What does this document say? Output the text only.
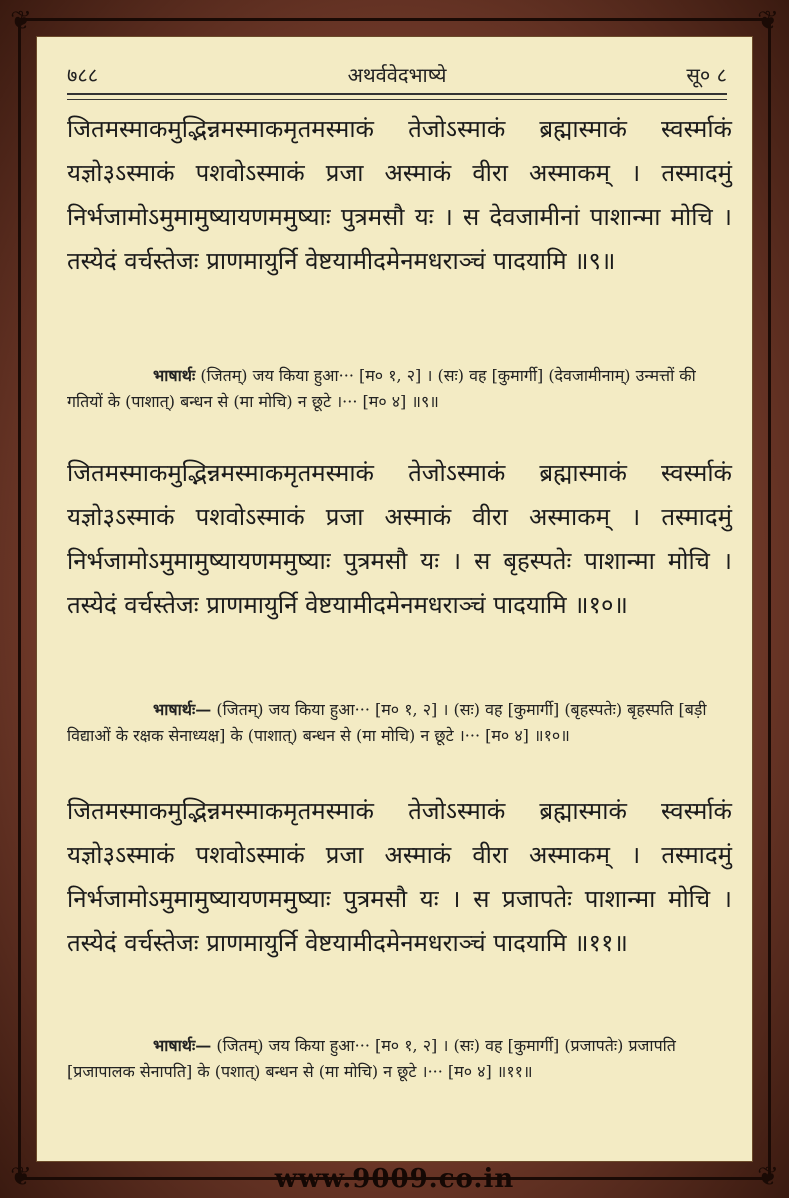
❦	❦
❦	❦
७८८	अथर्ववेदभाष्ये	सू० ८
जितमस्माकमुद्भिन्नमस्माकमृतमस्माकं तेजोऽस्माकं ब्रह्मास्माकं स्वर्स्माकं यज्ञो३ऽस्माकं पशवोऽस्माकं प्रजा अस्माकं वीरा अस्माकम् । तस्मादमुं निर्भजामोऽमुमामुष्यायणममुष्याः पुत्रमसौ यः । स देवजामीनां पाशान्मा मोचि । तस्येदं वर्चस्तेजः प्राणमायुर्नि वेष्टयामीदमेनमधराञ्चं पादयामि ॥९॥
भाषार्थः (जितम्) जय किया हुआ··· [म० १, २] । (सः) वह [कुमार्गी] (देवजामीनाम्) उन्मत्तों की गतियों के (पाशात्) बन्धन से (मा मोचि) न छूटे ।··· [म० ४] ॥९॥
जितमस्माकमुद्भिन्नमस्माकमृतमस्माकं तेजोऽस्माकं ब्रह्मास्माकं स्वर्स्माकं यज्ञो३ऽस्माकं पशवोऽस्माकं प्रजा अस्माकं वीरा अस्माकम् । तस्मादमुं निर्भजामोऽमुमामुष्यायणममुष्याः पुत्रमसौ यः । स बृहस्पतेः पाशान्मा मोचि । तस्येदं वर्चस्तेजः प्राणमायुर्नि वेष्टयामीदमेनमधराञ्चं पादयामि ॥१०॥
भाषार्थः— (जितम्) जय किया हुआ··· [म० १, २] । (सः) वह [कुमार्गी] (बृहस्पतेः) बृहस्पति [बड़ी विद्याओं के रक्षक सेनाध्यक्ष] के (पाशात्) बन्धन से (मा मोचि) न छूटे ।··· [म० ४] ॥१०॥
जितमस्माकमुद्भिन्नमस्माकमृतमस्माकं तेजोऽस्माकं ब्रह्मास्माकं स्वर्स्माकं यज्ञो३ऽस्माकं पशवोऽस्माकं प्रजा अस्माकं वीरा अस्माकम् । तस्मादमुं निर्भजामोऽमुमामुष्यायणममुष्याः पुत्रमसौ यः । स प्रजापतेः पाशान्मा मोचि । तस्येदं वर्चस्तेजः प्राणमायुर्नि वेष्टयामीदमेनमधराञ्चं पादयामि ॥११॥
भाषार्थः— (जितम्) जय किया हुआ··· [म० १, २] । (सः) वह [कुमार्गी] (प्रजापतेः) प्रजापति [प्रजापालक सेनापति] के (पशात्) बन्धन से (मा मोचि) न छूटे ।··· [म० ४] ॥११॥
www.9009.co.in
